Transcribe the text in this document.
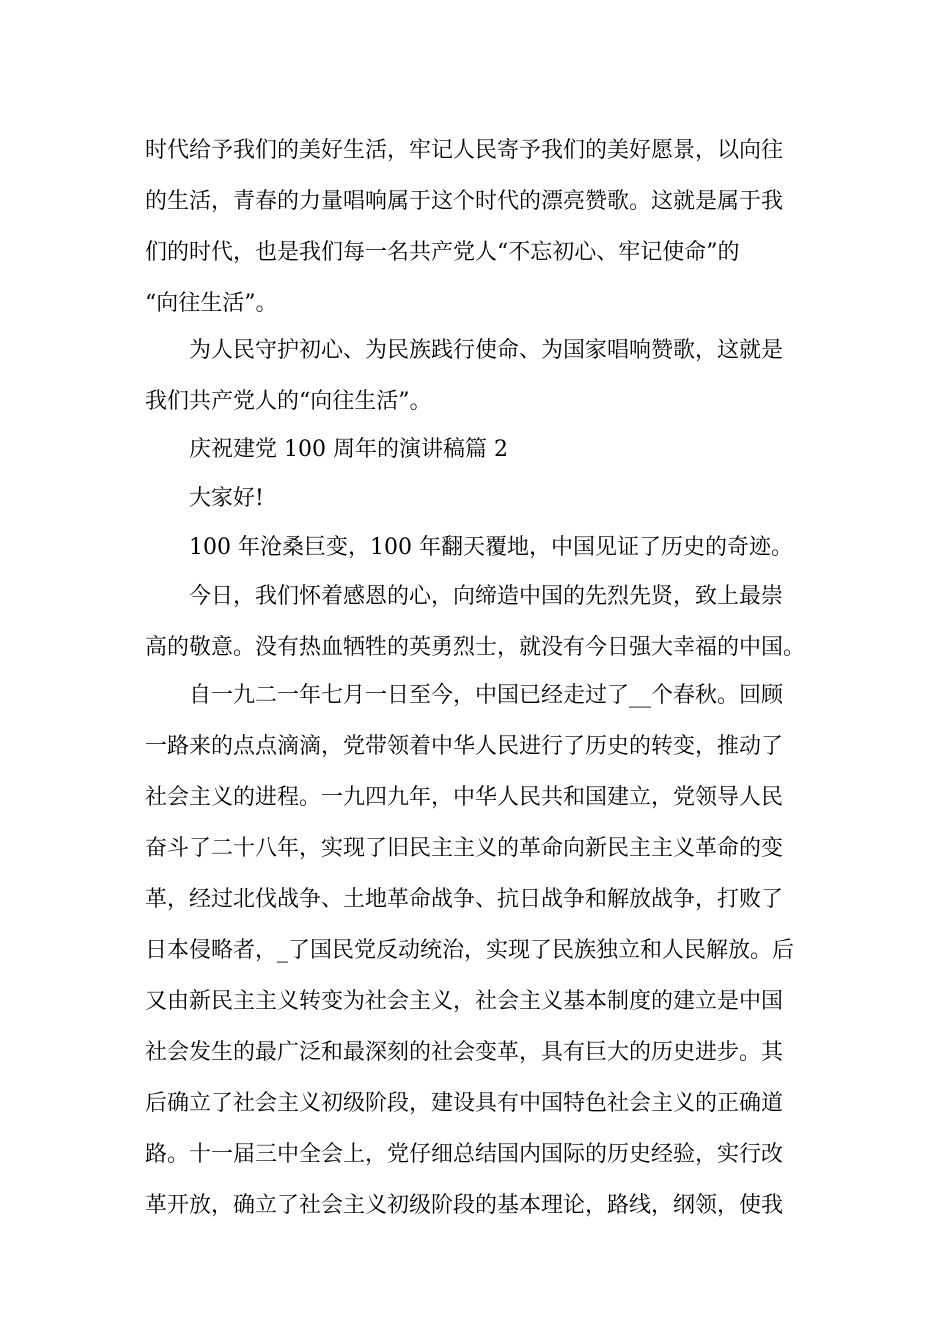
时代给予我们的美好生活，牢记人民寄予我们的美好愿景，以向往
的生活，青春的力量唱响属于这个时代的漂亮赞歌。这就是属于我
们的时代，也是我们每一名共产党人“不忘初心、牢记使命”的
“向往生活”。
为人民守护初心、为民族践行使命、为国家唱响赞歌，这就是
我们共产党人的“向往生活”。
庆祝建党 100 周年的演讲稿篇 2
大家好!
100 年沧桑巨变，100 年翻天覆地，中国见证了历史的奇迹。
今日，我们怀着感恩的心，向缔造中国的先烈先贤，致上最崇
高的敬意。没有热血牺牲的英勇烈士，就没有今日强大幸福的中国。
自一九二一年七月一日至今，中国已经走过了__个春秋。回顾
一路来的点点滴滴，党带领着中华人民进行了历史的转变，推动了
社会主义的进程。一九四九年，中华人民共和国建立，党领导人民
奋斗了二十八年，实现了旧民主主义的革命向新民主主义革命的变
革，经过北伐战争、土地革命战争、抗日战争和解放战争，打败了
日本侵略者，_了国民党反动统治，实现了民族独立和人民解放。后
又由新民主主义转变为社会主义，社会主义基本制度的建立是中国
社会发生的最广泛和最深刻的社会变革，具有巨大的历史进步。其
后确立了社会主义初级阶段，建设具有中国特色社会主义的正确道
路。十一届三中全会上，党仔细总结国内国际的历史经验，实行改
革开放，确立了社会主义初级阶段的基本理论，路线，纲领，使我
